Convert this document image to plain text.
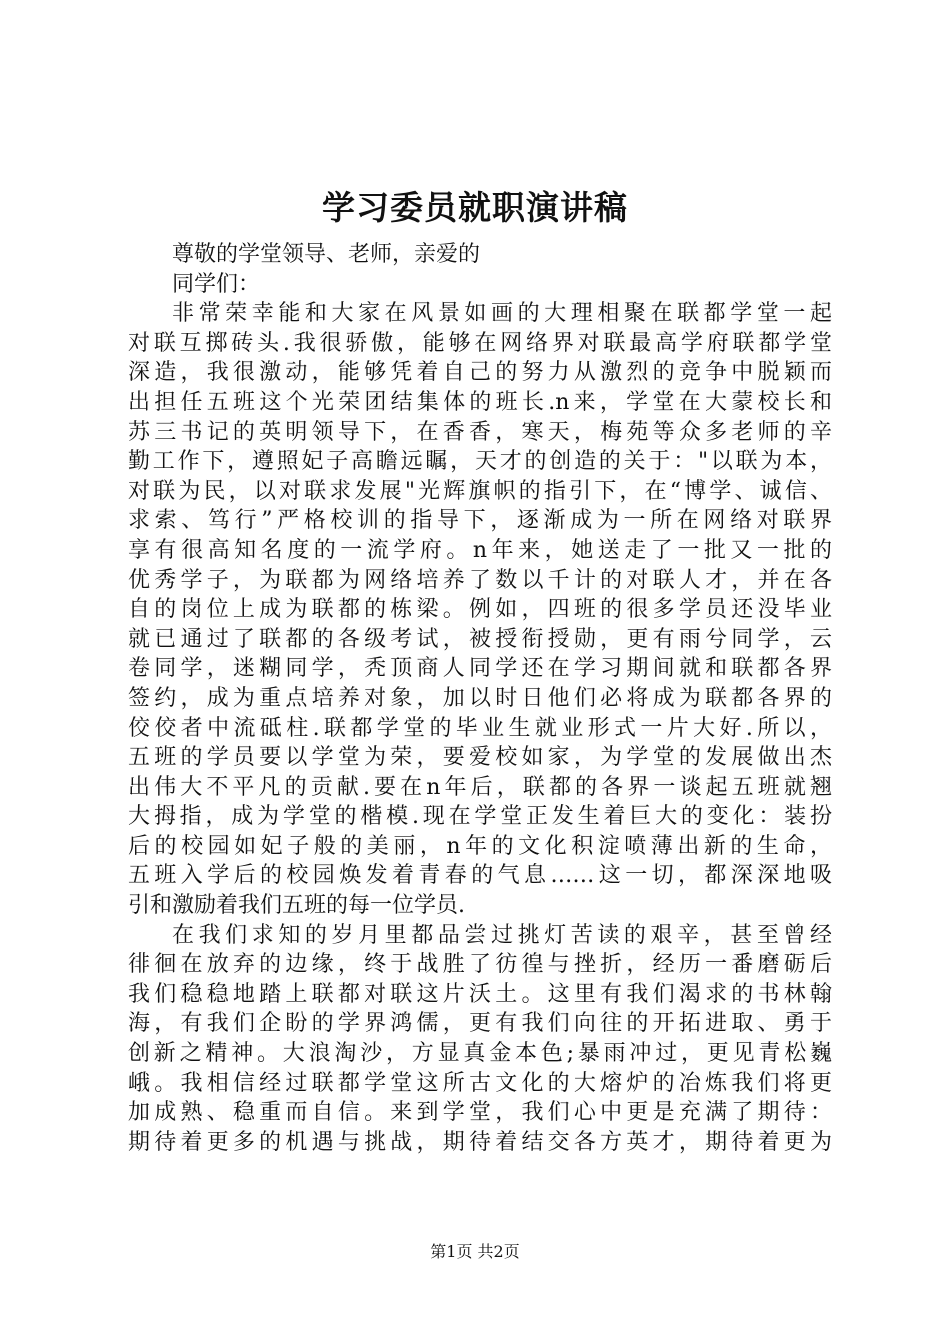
学习委员就职演讲稿
尊敬的学堂领导、老师，亲爱的
同学们：
非常荣幸能和大家在风景如画的大理相聚在联都学堂一起
对联互掷砖头.我很骄傲，能够在网络界对联最高学府联都学堂
深造，我很激动，能够凭着自己的努力从激烈的竞争中脱颖而
出担任五班这个光荣团结集体的班长.n来，学堂在大蒙校长和
苏三书记的英明领导下，在香香，寒天，梅苑等众多老师的辛
勤工作下，遵照妃子高瞻远瞩，天才的创造的关于："以联为本，
对联为民，以对联求发展"光辉旗帜的指引下，在“博学、诚信、
求索、笃行”严格校训的指导下，逐渐成为一所在网络对联界
享有很高知名度的一流学府。n年来，她送走了一批又一批的
优秀学子，为联都为网络培养了数以千计的对联人才，并在各
自的岗位上成为联都的栋梁。例如，四班的很多学员还没毕业
就已通过了联都的各级考试，被授衔授勋，更有雨兮同学，云
卷同学，迷糊同学，秃顶商人同学还在学习期间就和联都各界
签约，成为重点培养对象，加以时日他们必将成为联都各界的
佼佼者中流砥柱.联都学堂的毕业生就业形式一片大好.所以，
五班的学员要以学堂为荣，要爱校如家，为学堂的发展做出杰
出伟大不平凡的贡献.要在n年后，联都的各界一谈起五班就翘
大拇指，成为学堂的楷模.现在学堂正发生着巨大的变化：装扮
后的校园如妃子般的美丽，n年的文化积淀喷薄出新的生命，
五班入学后的校园焕发着青春的气息……这一切，都深深地吸
引和激励着我们五班的每一位学员.
在我们求知的岁月里都品尝过挑灯苦读的艰辛，甚至曾经
徘徊在放弃的边缘，终于战胜了彷徨与挫折，经历一番磨砺后
我们稳稳地踏上联都对联这片沃土。这里有我们渴求的书林翰
海，有我们企盼的学界鸿儒，更有我们向往的开拓进取、勇于
创新之精神。大浪淘沙，方显真金本色;暴雨冲过，更见青松巍
峨。我相信经过联都学堂这所古文化的大熔炉的冶炼我们将更
加成熟、稳重而自信。来到学堂，我们心中更是充满了期待：
期待着更多的机遇与挑战，期待着结交各方英才，期待着更为
第1页 共2页
